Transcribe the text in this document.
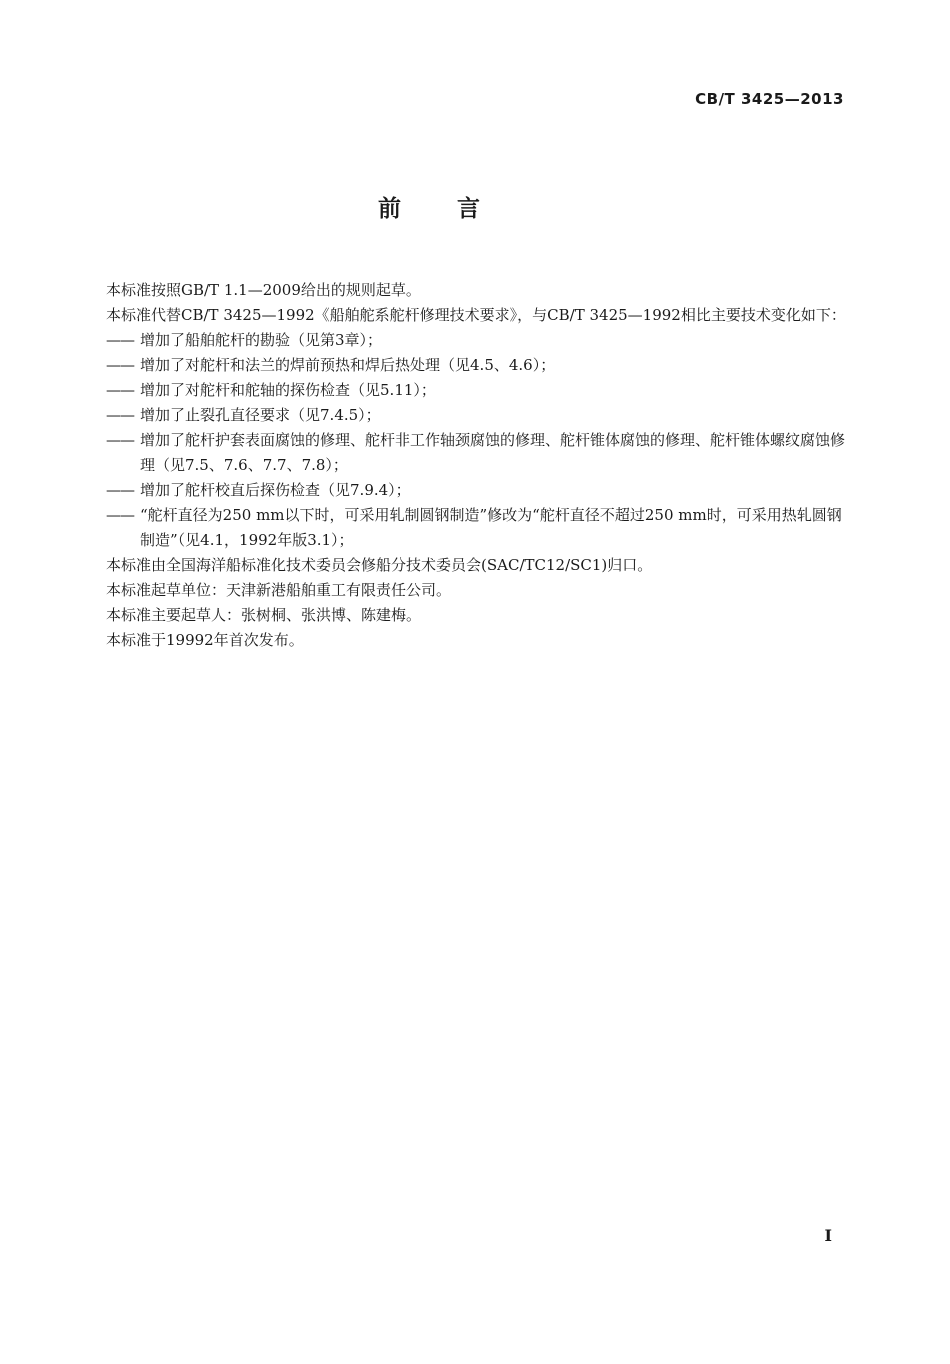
CB/T 3425—2013
前言

本标准按照GB/T 1.1—2009给出的规则起草。

本标准代替CB/T 3425—1992《船舶舵系舵杆修理技术要求》，与CB/T 3425—1992相比主要技术变化如下：

—— 增加了船舶舵杆的勘验（见第3章）；
—— 增加了对舵杆和法兰的焊前预热和焊后热处理（见4.5、4.6）；
—— 增加了对舵杆和舵轴的探伤检查（见5.11）；
—— 增加了止裂孔直径要求（见7.4.5）；
—— 增加了舵杆护套表面腐蚀的修理、舵杆非工作轴颈腐蚀的修理、舵杆锥体腐蚀的修理、舵杆锥体螺纹腐蚀修理（见7.5、7.6、7.7、7.8）；
—— 增加了舵杆校直后探伤检查（见7.9.4）；
—— “舵杆直径为250 mm以下时，可采用轧制圆钢制造”修改为“舵杆直径不超过250 mm时，可采用热轧圆钢制造”（见4.1，1992年版3.1）；

本标准由全国海洋船标准化技术委员会修船分技术委员会(SAC/TC12/SC1)归口。

本标准起草单位：天津新港船舶重工有限责任公司。

本标准主要起草人：张树桐、张洪博、陈建梅。

本标准于19992年首次发布。

I
